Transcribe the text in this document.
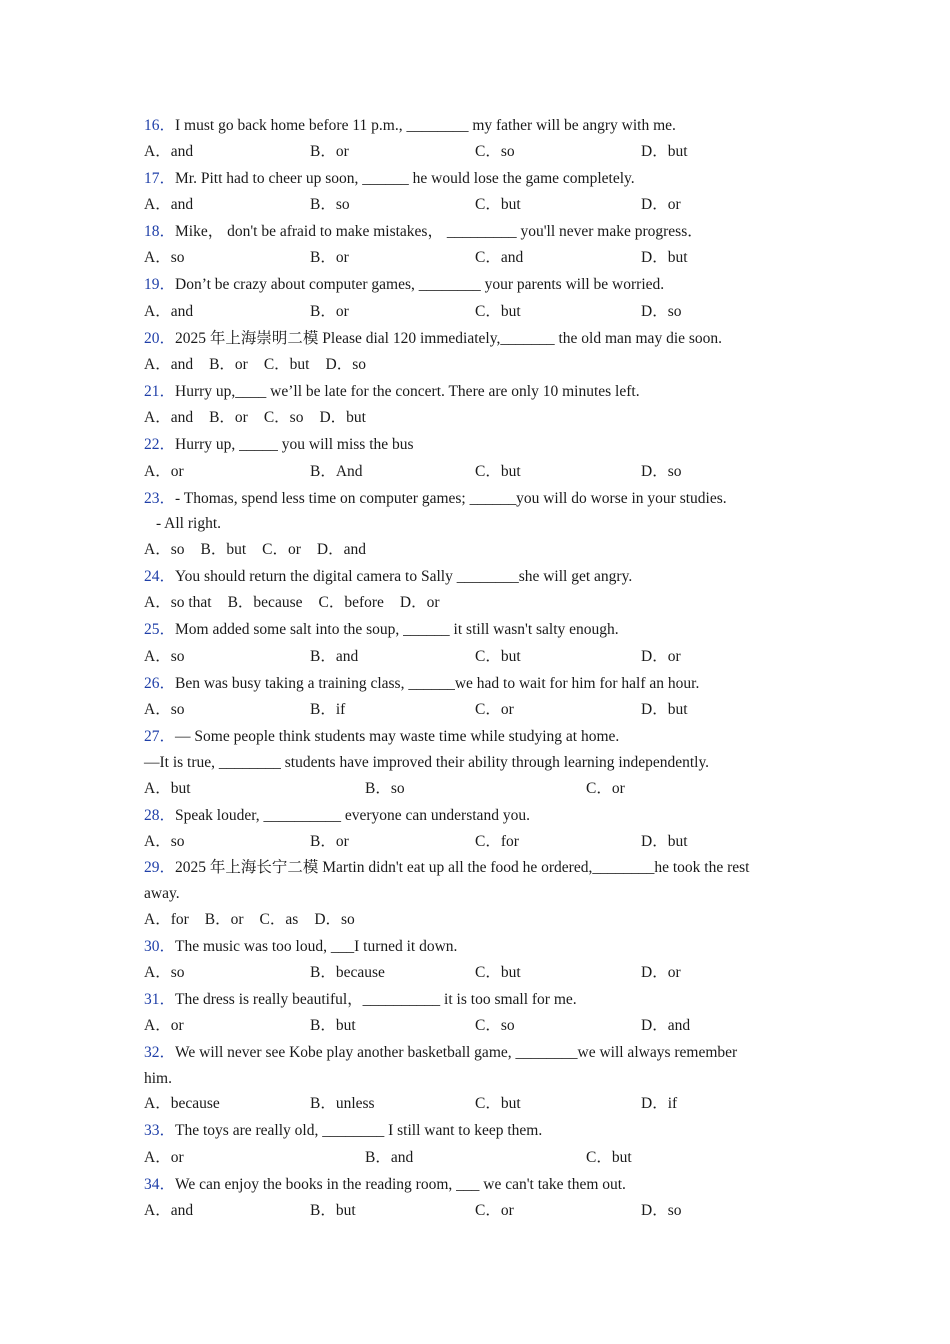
16．I must go back home before 11 p.m., ________ my father will be angry with me.
A．and	B．or	C．so	D．but
17．Mr. Pitt had to cheer up soon, ______ he would lose the game completely.
A．and	B．so	C．but	D．or
18．Mike， don't be afraid to make mistakes， _________ you'll never make progress．
A．so	B．or	C．and	D．but
19．Don’t be crazy about computer games, ________ your parents will be worried.
A．and	B．or	C．but	D．so
20．2025 年上海崇明二模 Please dial 120 immediately,_______ the old man may die soon.
A．and B．or C．but D．so
21．Hurry up,____ we’ll be late for the concert. There are only 10 minutes left.
A．and B．or C．so D．but
22．Hurry up, _____ you will miss the bus
A．or	B．And	C．but	D．so
23．- Thomas, spend less time on computer games; ______you will do worse in your studies.
- All right.
A．so B．but C．or D．and
24．You should return the digital camera to Sally ________she will get angry.
A．so that B．because C．before D．or
25．Mom added some salt into the soup, ______ it still wasn't salty enough.
A．so	B．and	C．but	D．or
26．Ben was busy taking a training class, ______we had to wait for him for half an hour.
A．so	B．if	C．or	D．but
27．— Some people think students may waste time while studying at home.
—It is true, ________ students have improved their ability through learning independently.
A．but	B．so	C．or
28．Speak louder, __________ everyone can understand you.
A．so	B．or	C．for	D．but
29．2025 年上海长宁二模 Martin didn't eat up all the food he ordered,________he took the rest
away.
A．for B．or C．as D．so
30．The music was too loud, ___I turned it down.
A．so	B．because	C．but	D．or
31．The dress is really beautiful，__________ it is too small for me.
A．or	B．but	C．so	D．and
32．We will never see Kobe play another basketball game, ________we will always remember
him.
A．because	B．unless	C．but	D．if
33．The toys are really old, ________ I still want to keep them.
A．or	B．and	C．but
34．We can enjoy the books in the reading room, ___ we can't take them out.
A．and	B．but	C．or	D．so
